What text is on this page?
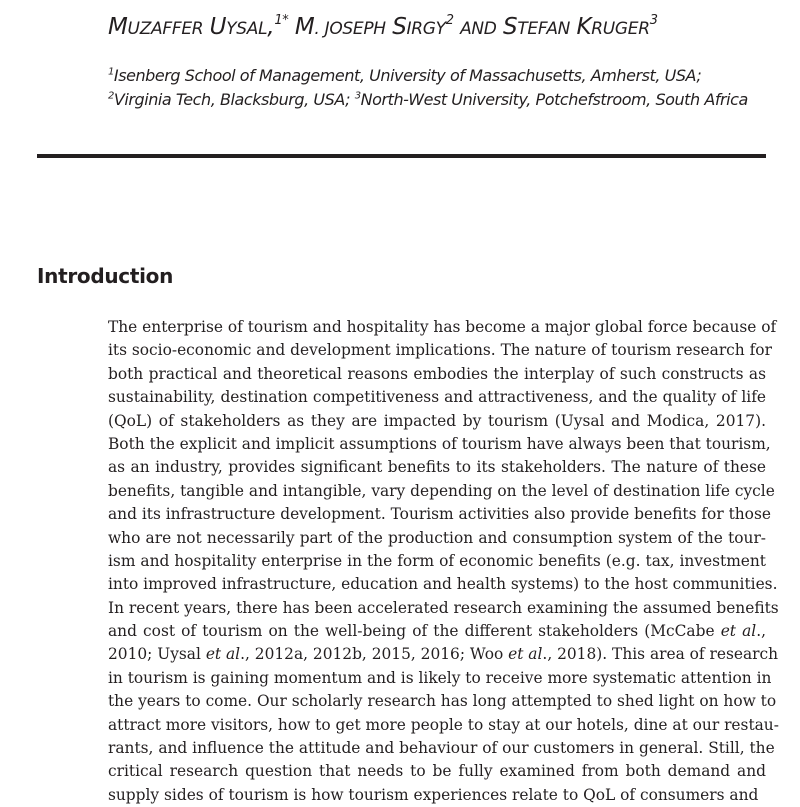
MUZAFFER UYSAL,$^{1*}$ M. JOSEPH SIRGY$^2$ AND STEFAN KRUGER$^3$
$^1$Isenberg School of Management, University of Massachusetts, Amherst, USA;
$^2$Virginia Tech, Blacksburg, USA; $^3$North-West University, Potchefstroom, South Africa
Introduction
The enterprise of tourism and hospitality has become a major global force because of
its socio-economic and development implications. The nature of tourism research for
both practical and theoretical reasons embodies the interplay of such constructs as
sustainability, destination competitiveness and attractiveness, and the quality of life
(QoL) of stakeholders as they are impacted by tourism (Uysal and Modica, 2017).
Both the explicit and implicit assumptions of tourism have always been that tourism,
as an industry, provides significant benefits to its stakeholders. The nature of these
benefits, tangible and intangible, vary depending on the level of destination life cycle
and its infrastructure development. Tourism activities also provide benefits for those
who are not necessarily part of the production and consumption system of the tour-
ism and hospitality enterprise in the form of economic benefits (e.g. tax, investment
into improved infrastructure, education and health systems) to the host communities.
In recent years, there has been accelerated research examining the assumed benefits
and cost of tourism on the well-being of the different stakeholders (McCabe et al.,
2010; Uysal et al., 2012a, 2012b, 2015, 2016; Woo et al., 2018). This area of research
in tourism is gaining momentum and is likely to receive more systematic attention in
the years to come. Our scholarly research has long attempted to shed light on how to
attract more visitors, how to get more people to stay at our hotels, dine at our restau-
rants, and influence the attitude and behaviour of our customers in general. Still, the
critical research question that needs to be fully examined from both demand and
supply sides of tourism is how tourism experiences relate to QoL of consumers and
